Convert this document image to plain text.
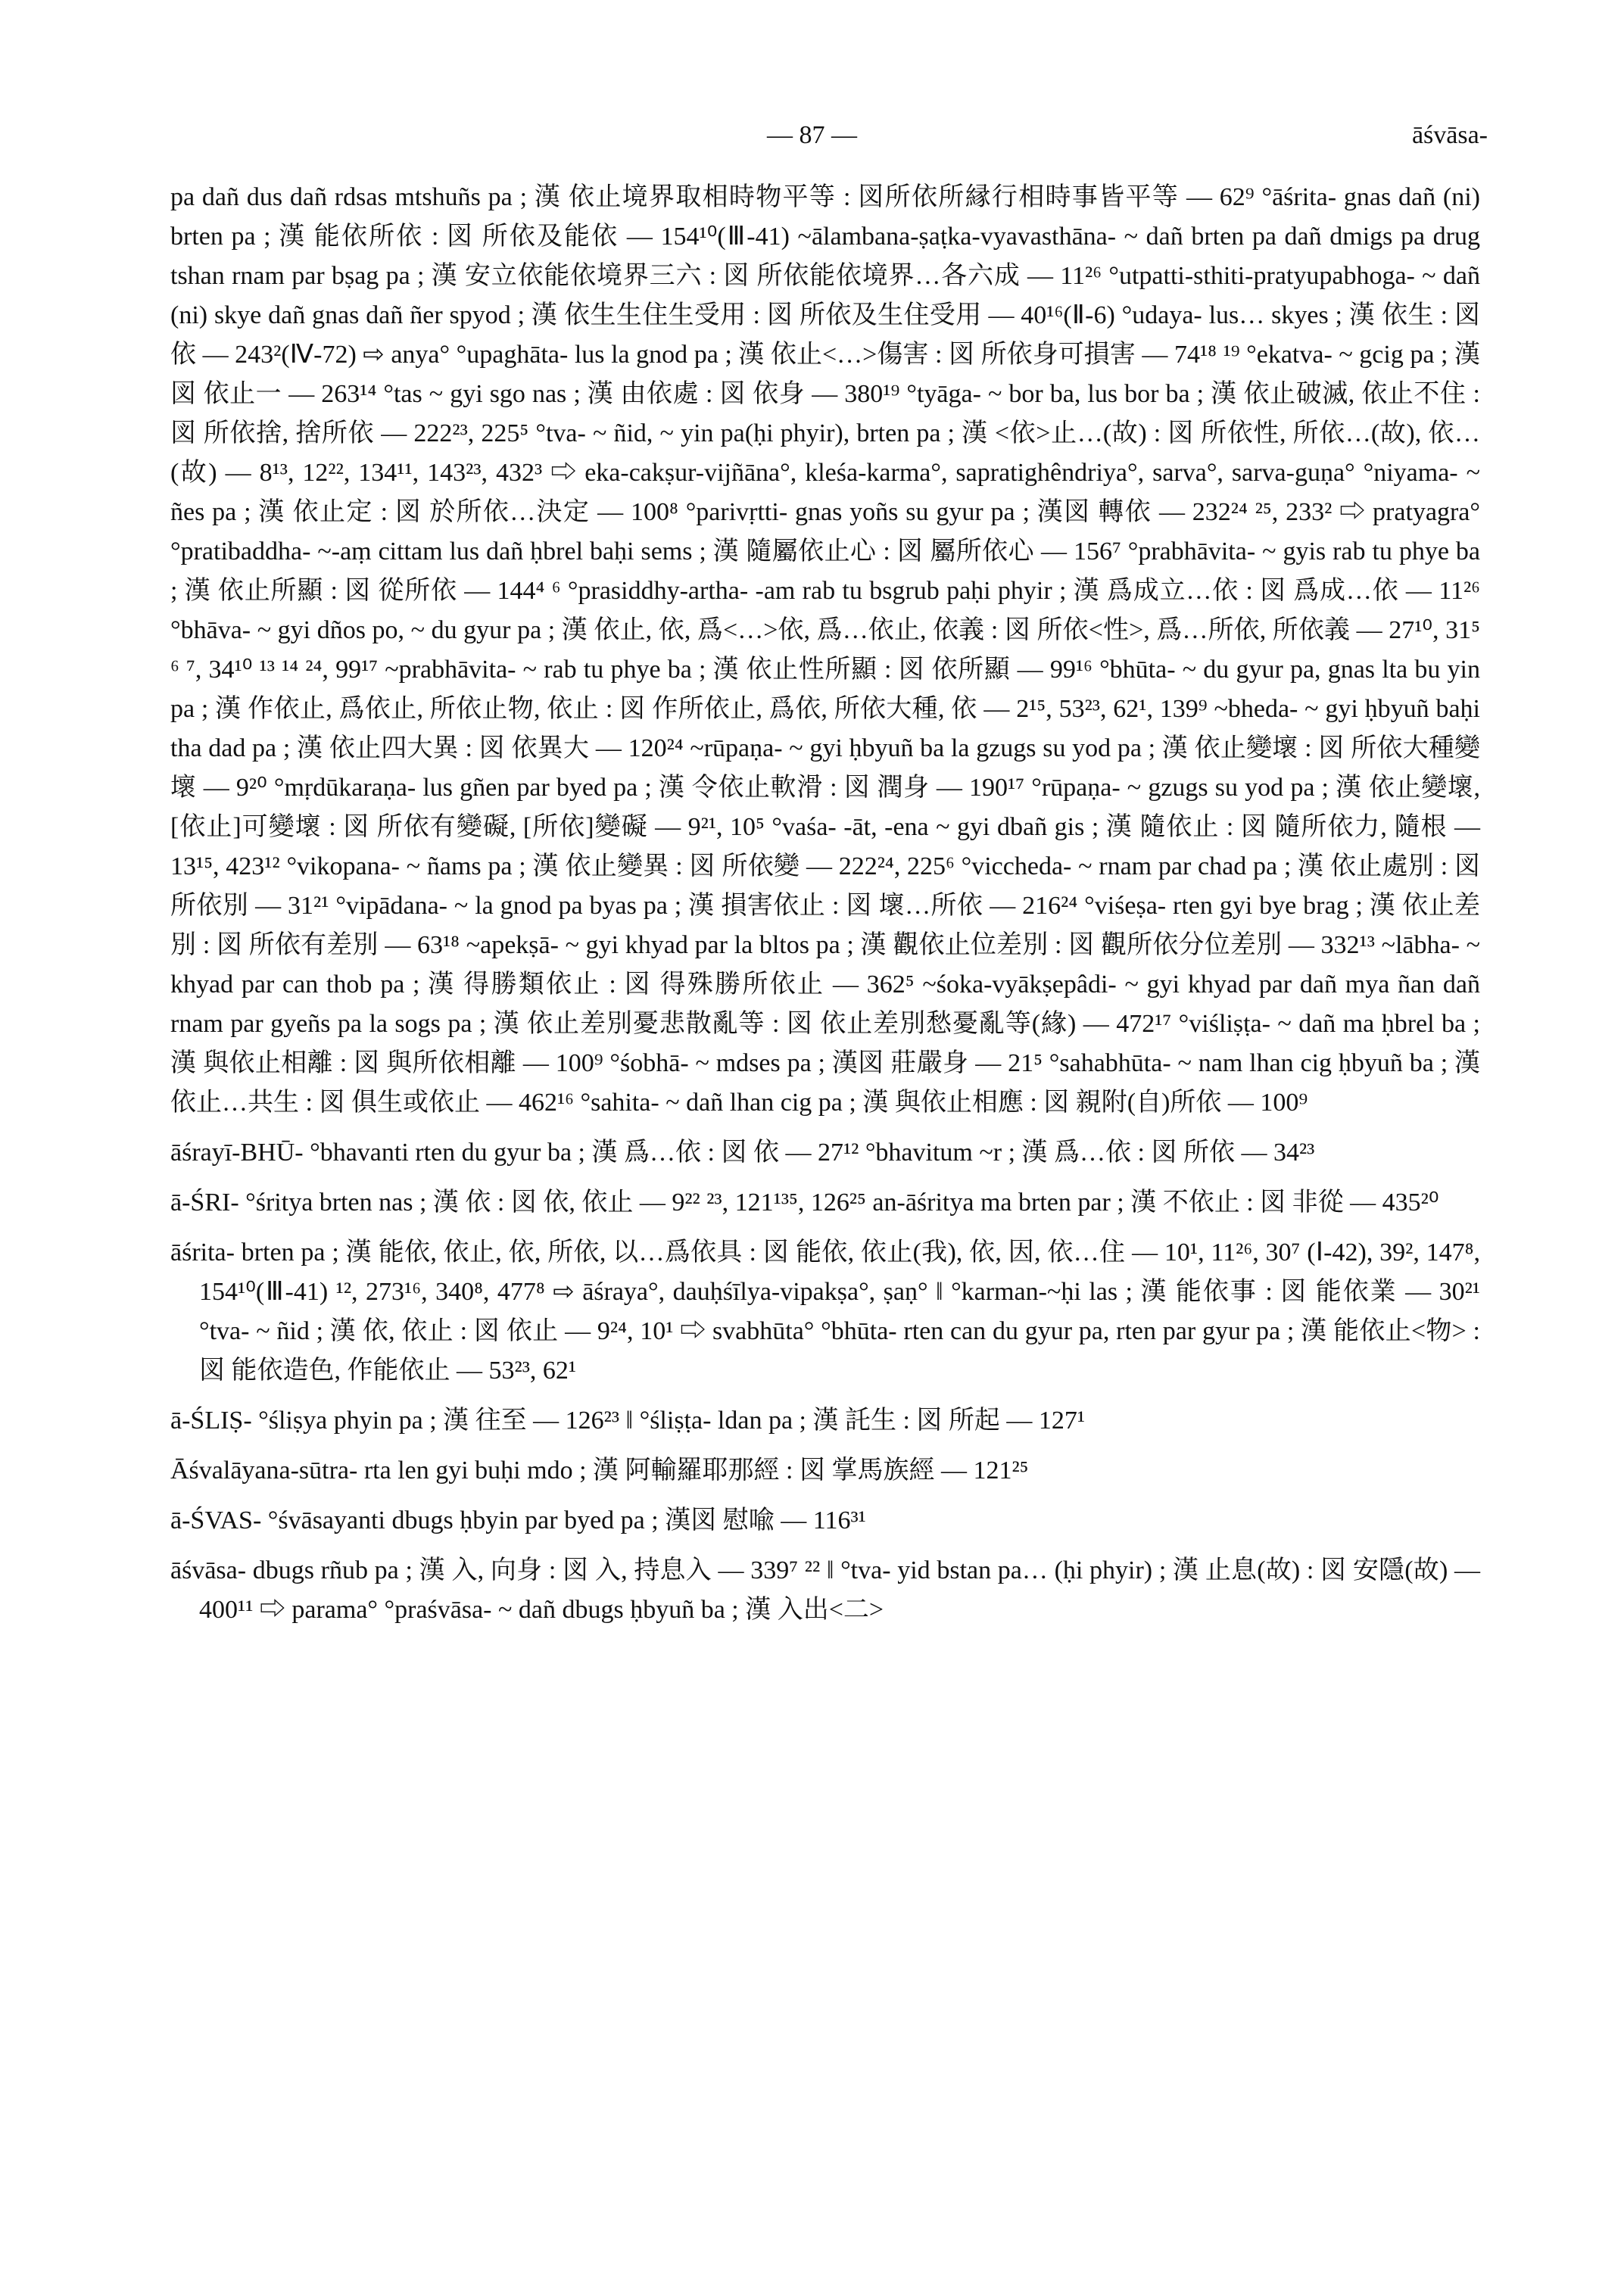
— 87 —	āśvāsa-

pa dañ dus dañ rdsas mtshuñs pa ; 漢 依止境界取相時物平等 : 図所依所縁行相時事皆平等 — 62⁹ °āśrita- gnas dañ (ni) brten pa ; 漢 能依所依 : 図 所依及能依 — 154¹⁰(Ⅲ-41) ~ālambana-ṣaṭka-vyavasthāna- ~ dañ brten pa dañ dmigs pa drug tshan rnam par bṣag pa ; 漢 安立依能依境界三六 : 図 所依能依境界…各六成 — 11²⁶ °utpatti-sthiti-pratyupabhoga- ~ dañ (ni) skye dañ gnas dañ ñer spyod ; 漢 依生生住生受用 : 図 所依及生住受用 — 40¹⁶(Ⅱ-6) °udaya- lus… skyes ; 漢 依生 : 図 依 — 243²(Ⅳ-72) ⇨ anya° °upaghāta- lus la gnod pa ; 漢 依止<…>傷害 : 図 所依身可損害 — 74¹⁸ ¹⁹ °ekatva- ~ gcig pa ; 漢図 依止一 — 263¹⁴ °tas ~ gyi sgo nas ; 漢 由依處 : 図 依身 — 380¹⁹ °tyāga- ~ bor ba, lus bor ba ; 漢 依止破滅, 依止不住 : 図 所依捨, 捨所依 — 222²³, 225⁵ °tva- ~ ñid, ~ yin pa(ḥi phyir), brten pa ; 漢 <依>止…(故) : 図 所依性, 所依…(故), 依…(故) — 8¹³, 12²², 134¹¹, 143²³, 432³ ⇨ eka-cakṣur-vijñāna°, kleśa-karma°, sapratighêndriya°, sarva°, sarva-guṇa° °niyama- ~ ñes pa ; 漢 依止定 : 図 於所依…決定 — 100⁸ °parivṛtti- gnas yoñs su gyur pa ; 漢図 轉依 — 232²⁴ ²⁵, 233² ⇨ pratyagra° °pratibaddha- ~-aṃ cittam lus dañ ḥbrel baḥi sems ; 漢 隨屬依止心 : 図 屬所依心 — 156⁷ °prabhāvita- ~ gyis rab tu phye ba ; 漢 依止所顯 : 図 從所依 — 144⁴ ⁶ °prasiddhy-artha- -am rab tu bsgrub paḥi phyir ; 漢 爲成立…依 : 図 爲成…依 — 11²⁶ °bhāva- ~ gyi dños po, ~ du gyur pa ; 漢 依止, 依, 爲<…>依, 爲…依止, 依義 : 図 所依<性>, 爲…所依, 所依義 — 27¹⁰, 31⁵ ⁶ ⁷, 34¹⁰ ¹³ ¹⁴ ²⁴, 99¹⁷ ~prabhāvita- ~ rab tu phye ba ; 漢 依止性所顯 : 図 依所顯 — 99¹⁶ °bhūta- ~ du gyur pa, gnas lta bu yin pa ; 漢 作依止, 爲依止, 所依止物, 依止 : 図 作所依止, 爲依, 所依大種, 依 — 2¹⁵, 53²³, 62¹, 139⁹ ~bheda- ~ gyi ḥbyuñ baḥi tha dad pa ; 漢 依止四大異 : 図 依異大 — 120²⁴ ~rūpaṇa- ~ gyi ḥbyuñ ba la gzugs su yod pa ; 漢 依止變壞 : 図 所依大種變壞 — 9²⁰ °mṛdūkaraṇa- lus gñen par byed pa ; 漢 令依止軟滑 : 図 潤身 — 190¹⁷ °rūpaṇa- ~ gzugs su yod pa ; 漢 依止變壞, [依止]可變壞 : 図 所依有變礙, [所依]變礙 — 9²¹, 10⁵ °vaśa- -āt, -ena ~ gyi dbañ gis ; 漢 隨依止 : 図 隨所依力, 隨根 — 13¹⁵, 423¹² °vikopana- ~ ñams pa ; 漢 依止變異 : 図 所依變 — 222²⁴, 225⁶ °viccheda- ~ rnam par chad pa ; 漢 依止處別 : 図 所依別 — 31²¹ °vipādana- ~ la gnod pa byas pa ; 漢 損害依止 : 図 壞…所依 — 216²⁴ °viśeṣa- rten gyi bye brag ; 漢 依止差別 : 図 所依有差別 — 63¹⁸ ~apekṣā- ~ gyi khyad par la bltos pa ; 漢 觀依止位差別 : 図 觀所依分位差別 — 332¹³ ~lābha- ~ khyad par can thob pa ; 漢 得勝類依止 : 図 得殊勝所依止 — 362⁵ ~śoka-vyākṣepâdi- ~ gyi khyad par dañ mya ñan dañ rnam par gyeñs pa la sogs pa ; 漢 依止差別憂悲散亂等 : 図 依止差別愁憂亂等(緣) — 472¹⁷ °viśliṣṭa- ~ dañ ma ḥbrel ba ; 漢 與依止相離 : 図 與所依相離 — 100⁹ °śobhā- ~ mdses pa ; 漢図 莊嚴身 — 21⁵ °sahabhūta- ~ nam lhan cig ḥbyuñ ba ; 漢 依止…共生 : 図 俱生或依止 — 462¹⁶ °sahita- ~ dañ lhan cig pa ; 漢 與依止相應 : 図 親附(自)所依 — 100⁹

āśrayī-BHŪ- °bhavanti rten du gyur ba ; 漢 爲…依 : 図 依 — 27¹² °bhavitum ~r ; 漢 爲…依 : 図 所依 — 34²³

ā-ŚRI- °śritya brten nas ; 漢 依 : 図 依, 依止 — 9²² ²³, 121¹³⁵, 126²⁵ an-āśritya ma brten par ; 漢 不依止 : 図 非從 — 435²⁰

āśrita- brten pa ; 漢 能依, 依止, 依, 所依, 以…爲依具 : 図 能依, 依止(我), 依, 因, 依…住 — 10¹, 11²⁶, 30⁷ (Ⅰ-42), 39², 147⁸, 154¹⁰(Ⅲ-41) ¹², 273¹⁶, 340⁸, 477⁸ ⇨ āśraya°, dauḥśīlya-vipakṣa°, ṣaṇ° ‖ °karman-~ḥi las ; 漢 能依事 : 図 能依業 — 30²¹ °tva- ~ ñid ; 漢 依, 依止 : 図 依止 — 9²⁴, 10¹ ⇨ svabhūta° °bhūta- rten can du gyur pa, rten par gyur pa ; 漢 能依止<物> : 図 能依造色, 作能依止 — 53²³, 62¹

ā-ŚLIṢ- °śliṣya phyin pa ; 漢 往至 — 126²³ ‖ °śliṣṭa- ldan pa ; 漢 託生 : 図 所起 — 127¹

Āśvalāyana-sūtra- rta len gyi buḥi mdo ; 漢 阿輸羅耶那經 : 図 掌馬族經 — 121²⁵

ā-ŚVAS- °śvāsayanti dbugs ḥbyin par byed pa ; 漢図 慰喩 — 116³¹

āśvāsa- dbugs rñub pa ; 漢 入, 向身 : 図 入, 持息入 — 339⁷ ²² ‖ °tva- yid bstan pa… (ḥi phyir) ; 漢 止息(故) : 図 安隱(故) — 400¹¹ ⇨ parama° °praśvāsa- ~ dañ dbugs ḥbyuñ ba ; 漢 入出<二>
